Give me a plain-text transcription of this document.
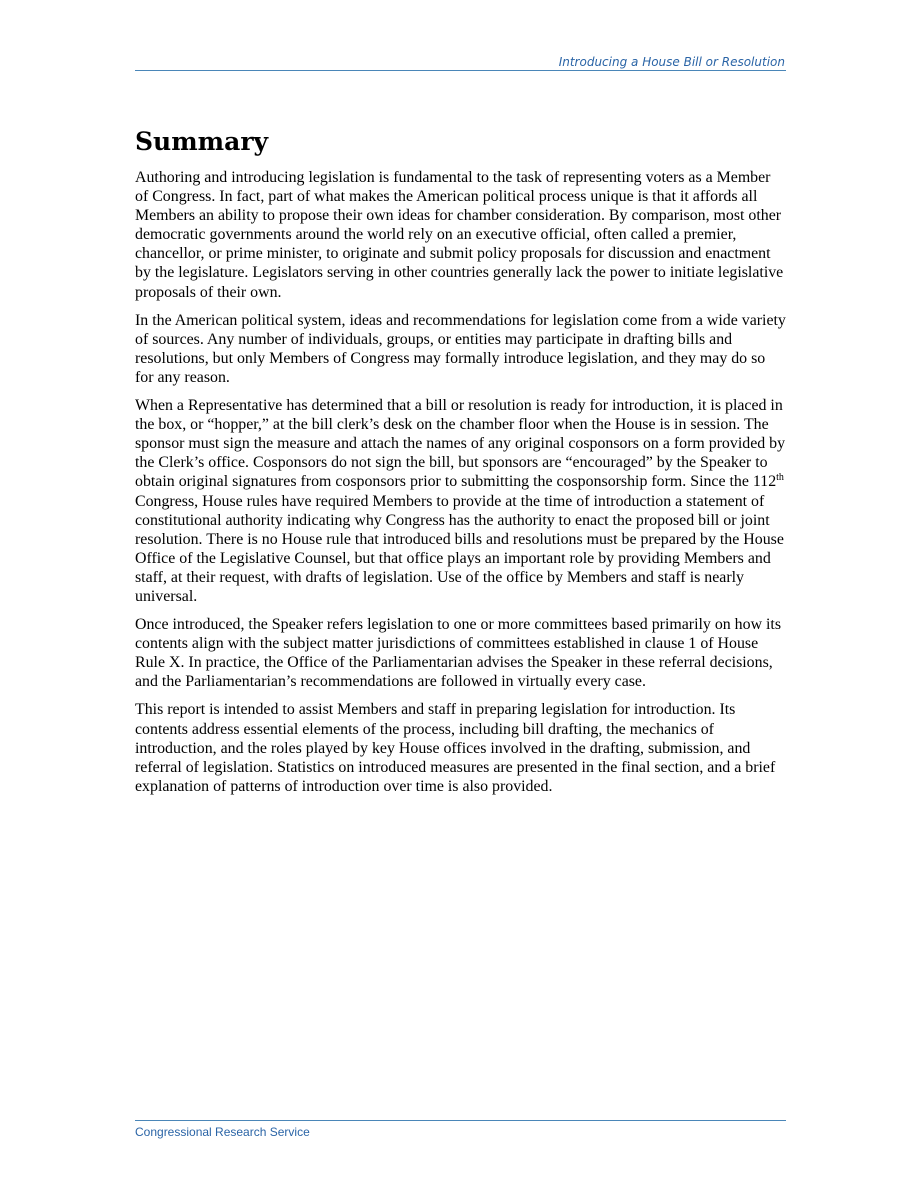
Introducing a House Bill or Resolution
Summary

Authoring and introducing legislation is fundamental to the task of representing voters as a Member of Congress. In fact, part of what makes the American political process unique is that it affords all Members an ability to propose their own ideas for chamber consideration. By comparison, most other democratic governments around the world rely on an executive official, often called a premier, chancellor, or prime minister, to originate and submit policy proposals for discussion and enactment by the legislature. Legislators serving in other countries generally lack the power to initiate legislative proposals of their own.

In the American political system, ideas and recommendations for legislation come from a wide variety of sources. Any number of individuals, groups, or entities may participate in drafting bills and resolutions, but only Members of Congress may formally introduce legislation, and they may do so for any reason.

When a Representative has determined that a bill or resolution is ready for introduction, it is placed in the box, or “hopper,” at the bill clerk’s desk on the chamber floor when the House is in session. The sponsor must sign the measure and attach the names of any original cosponsors on a form provided by the Clerk’s office. Cosponsors do not sign the bill, but sponsors are “encouraged” by the Speaker to obtain original signatures from cosponsors prior to submitting the cosponsorship form. Since the 112th Congress, House rules have required Members to provide at the time of introduction a statement of constitutional authority indicating why Congress has the authority to enact the proposed bill or joint resolution. There is no House rule that introduced bills and resolutions must be prepared by the House Office of the Legislative Counsel, but that office plays an important role by providing Members and staff, at their request, with drafts of legislation. Use of the office by Members and staff is nearly universal.

Once introduced, the Speaker refers legislation to one or more committees based primarily on how its contents align with the subject matter jurisdictions of committees established in clause 1 of House Rule X. In practice, the Office of the Parliamentarian advises the Speaker in these referral decisions, and the Parliamentarian’s recommendations are followed in virtually every case.

This report is intended to assist Members and staff in preparing legislation for introduction. Its contents address essential elements of the process, including bill drafting, the mechanics of introduction, and the roles played by key House offices involved in the drafting, submission, and referral of legislation. Statistics on introduced measures are presented in the final section, and a brief explanation of patterns of introduction over time is also provided.

Congressional Research Service
